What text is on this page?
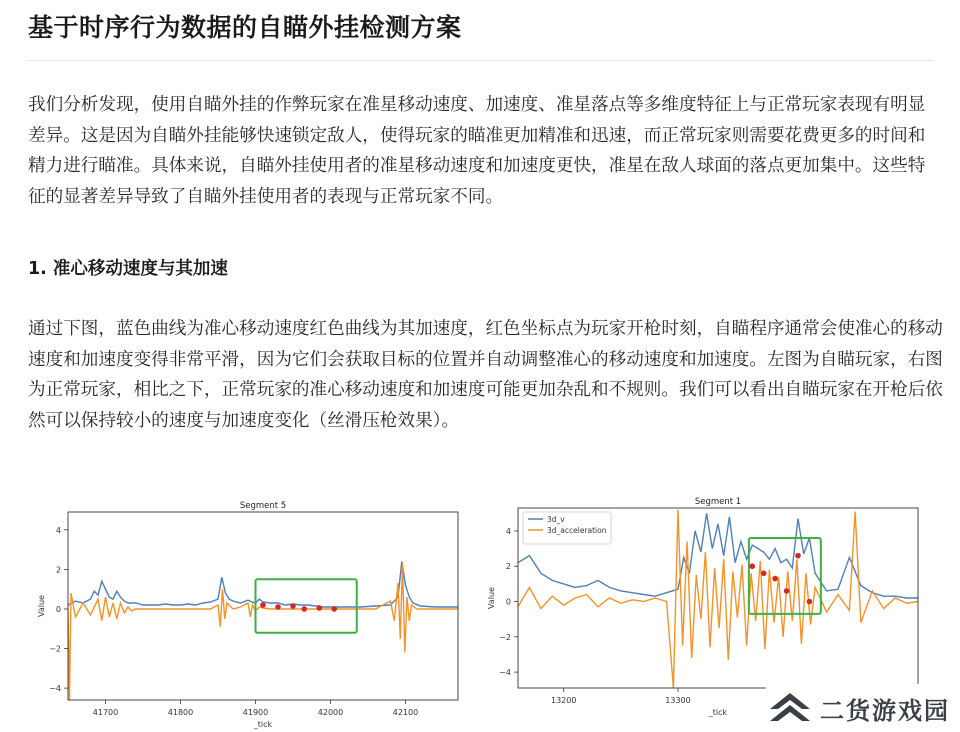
基于时序行为数据的自瞄外挂检测方案
我们分析发现，使用自瞄外挂的作弊玩家在准星移动速度、加速度、准星落点等多维度特征上与正常玩家表现有明显差异。这是因为自瞄外挂能够快速锁定敌人，使得玩家的瞄准更加精准和迅速，而正常玩家则需要花费更多的时间和精力进行瞄准。具体来说，自瞄外挂使用者的准星移动速度和加速度更快，准星在敌人球面的落点更加集中。这些特征的显著差异导致了自瞄外挂使用者的表现与正常玩家不同。
1. 准心移动速度与其加速
通过下图，蓝色曲线为准心移动速度红色曲线为其加速度，红色坐标点为玩家开枪时刻，自瞄程序通常会使准心的移动速度和加速度变得非常平滑，因为它们会获取目标的位置并自动调整准心的移动速度和加速度。左图为自瞄玩家，右图为正常玩家，相比之下，正常玩家的准心移动速度和加速度可能更加杂乱和不规则。我们可以看出自瞄玩家在开枪后依然可以保持较小的速度与加速度变化（丝滑压枪效果）。
41700	41800	41900	42000	42100
−4
−2
0
2
4
Segment 5
_tick
Value
13200	13300
−4
−2
0
2
4
Segment 1
_tick
Value
3d_v
3d_acceleration
二货游戏园
